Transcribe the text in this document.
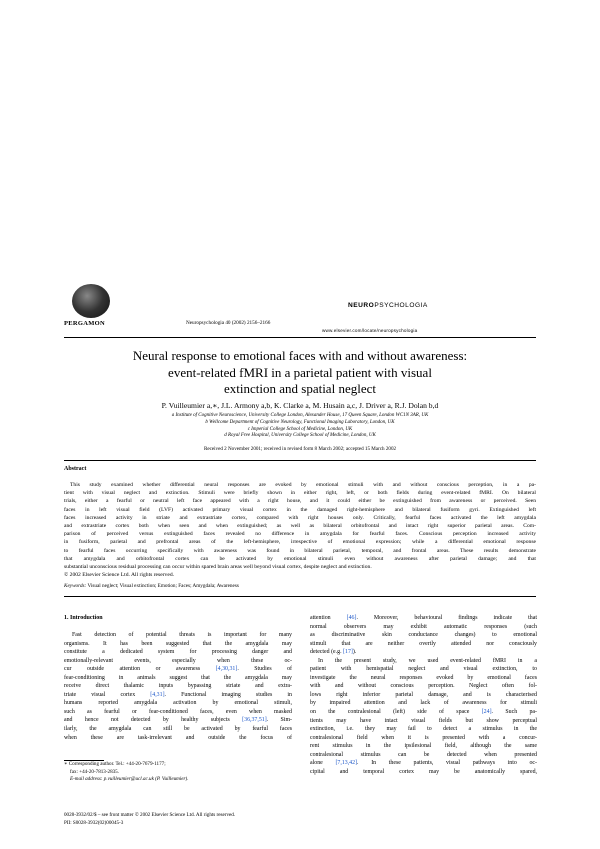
PERGAMON	Neuropsychologia 40 (2002) 2156–2166
NEUROPSYCHOLOGIA
www.elsevier.com/locate/neuropsychologia
Neural response to emotional faces with and without awareness:
event-related fMRI in a parietal patient with visual
extinction and spatial neglect
P. Vuilleumier a,∗, J.L. Armony a,b, K. Clarke a, M. Husain a,c, J. Driver a, R.J. Dolan b,d
a Institute of Cognitive Neuroscience, University College London, Alexander House, 17 Queen Square, London WC1N 3AR, UK
b Wellcome Department of Cognitive Neurology, Functional Imaging Laboratory, London, UK
c Imperial College School of Medicine, London, UK
d Royal Free Hospital, University College School of Medicine, London, UK
Received 2 November 2001; received in revised form 8 March 2002; accepted 15 March 2002
Abstract
This study examined whether differential neural responses are evoked by emotional stimuli with and without conscious perception, in a pa-
tient with visual neglect and extinction. Stimuli were briefly shown in either right, left, or both fields during event-related fMRI. On bilateral
trials, either a fearful or neutral left face appeared with a right house, and it could either be extinguished from awareness or perceived. Seen
faces in left visual field (LVF) activated primary visual cortex in the damaged right-hemisphere and bilateral fusiform gyri. Extinguished left
faces increased activity in striate and extrastriate cortex, compared with right houses only. Critically, fearful faces activated the left amygdala
and extrastriate cortex both when seen and when extinguished; as well as bilateral orbitofrontal and intact right superior parietal areas. Com-
parison of perceived versus extinguished faces revealed no difference in amygdala for fearful faces. Conscious perception increased activity
in fusiform, parietal and prefrontal areas of the left-hemisphere, irrespective of emotional expression; while a differential emotional response
to fearful faces occurring specifically with awareness was found in bilateral parietal, temporal, and frontal areas. These results demonstrate
that amygdala and orbitofrontal cortex can be activated by emotional stimuli even without awareness after parietal damage; and that
substantial unconscious residual processing can occur within spared brain areas well beyond visual cortex, despite neglect and extinction.
© 2002 Elsevier Science Ltd. All rights reserved.
Keywords: Visual neglect; Visual extinction; Emotion; Faces; Amygdala; Awareness
1. Introduction
Fast detection of potential threats is important for many
organisms. It has been suggested that the amygdala may
constitute a dedicated system for processing danger and
emotionally-relevant events, especially when these oc-
cur outside attention or awareness [4,30,31]. Studies of
fear-conditioning in animals suggest that the amygdala may
receive direct thalamic inputs bypassing striate and extra-
triate visual cortex [4,31]. Functional imaging studies in
humans reported amygdala activation by emotional stimuli,
such as fearful or fear-conditioned faces, even when masked
and hence not detected by healthy subjects [36,37,51]. Sim-
ilarly, the amygdala can still be activated by fearful faces
when these are task-irrelevant and outside the focus of
attention [46]. Moreover, behavioural findings indicate that
normal observers may exhibit automatic responses (such
as discriminative skin conductance changes) to emotional
stimuli that are neither overtly attended nor consciously
detected (e.g. [17]).
In the present study, we used event-related fMRI in a
patient with hemispatial neglect and visual extinction, to
investigate the neural responses evoked by emotional faces
with and without conscious perception. Neglect often fol-
lows right inferior parietal damage, and is characterised
by impaired attention and lack of awareness for stimuli
on the contralesional (left) side of space [24]. Such pa-
tients may have intact visual fields but show perceptual
extinction, i.e. they may fail to detect a stimulus in the
contralesional field when it is presented with a concur-
rent stimulus in the ipsilesional field, although the same
contralesional stimulus can be detected when presented
alone [7,13,42]. In these patients, visual pathways into oc-
cipital and temporal cortex may be anatomically spared,
∗ Corresponding author. Tel.: +44-20-7679-1177;
fax: +44-20-7813-2835.
E-mail address: p.vuilleumier@ucl.ac.uk (P. Vuilleumier).
0028-3932/02/$ – see front matter © 2002 Elsevier Science Ltd. All rights reserved.
PII: S0028-3932(02)00045-3
